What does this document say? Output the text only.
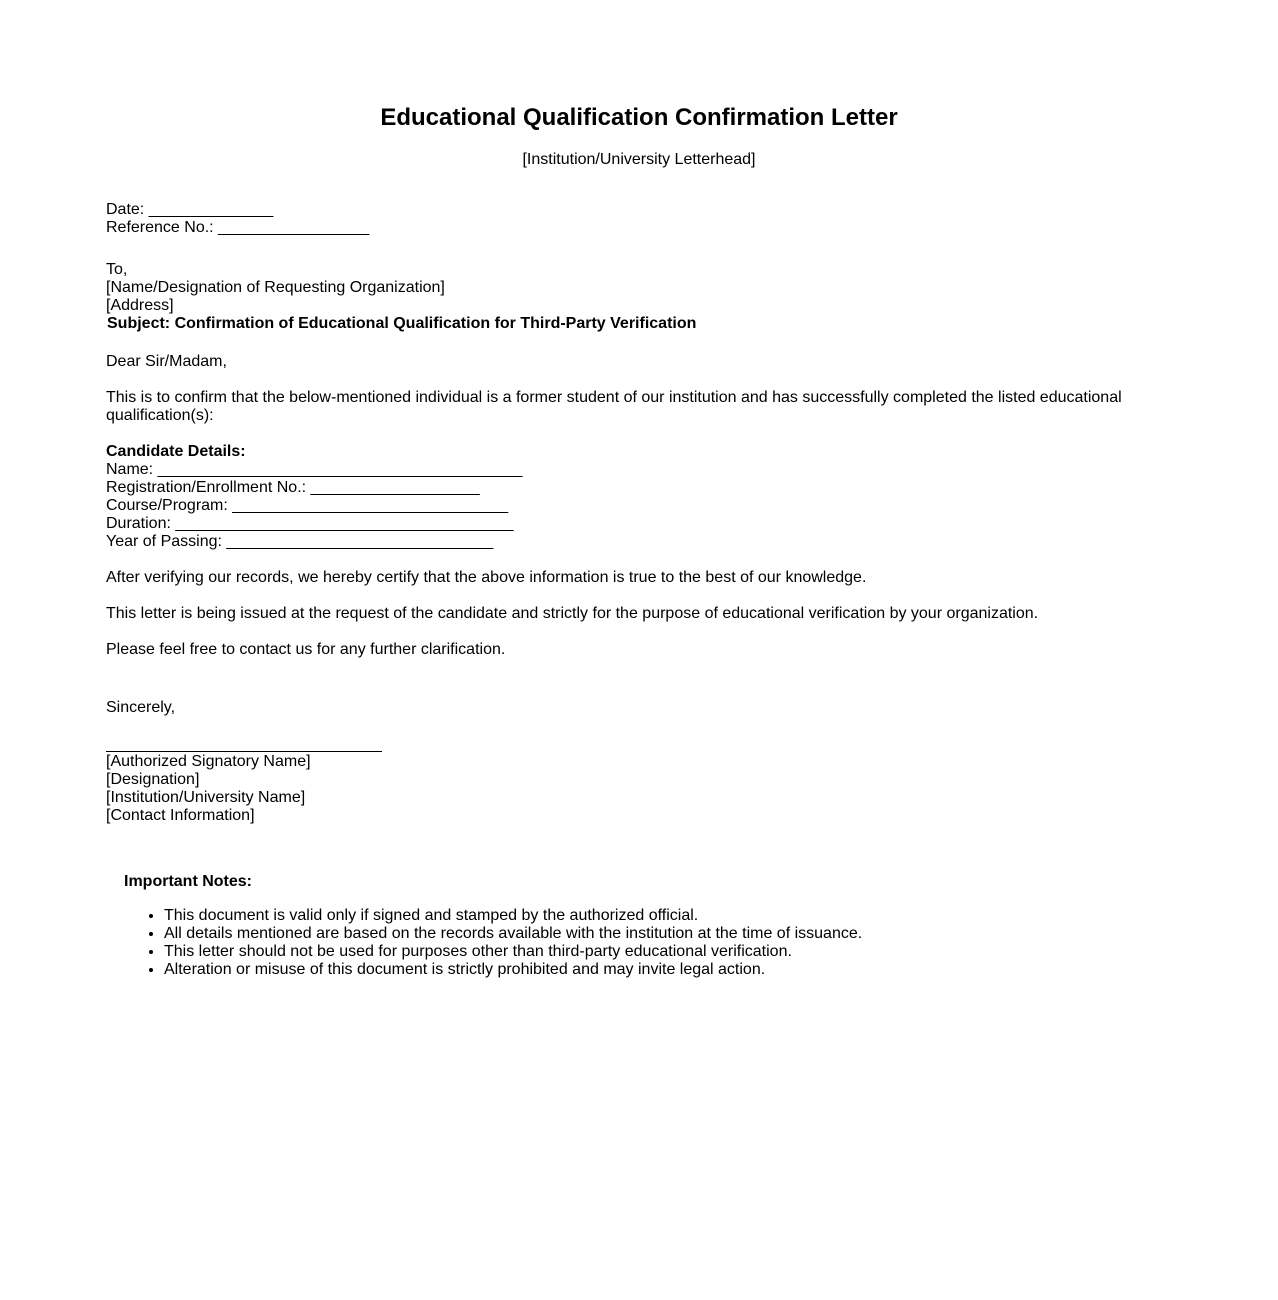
Educational Qualification Confirmation Letter
[Institution/University Letterhead]
Date: ______________
Reference No.: _________________
To,
[Name/Designation of Requesting Organization]
[Address]
Subject: Confirmation of Educational Qualification for Third-Party Verification
Dear Sir/Madam,
This is to confirm that the below-mentioned individual is a former student of our institution and has successfully completed the listed educational qualification(s):
Candidate Details:
Name: _________________________________________
Registration/Enrollment No.: ___________________
Course/Program: _______________________________
Duration: ______________________________________
Year of Passing: ______________________________
After verifying our records, we hereby certify that the above information is true to the best of our knowledge.
This letter is being issued at the request of the candidate and strictly for the purpose of educational verification by your organization.
Please feel free to contact us for any further clarification.
Sincerely,
[Authorized Signatory Name]
[Designation]
[Institution/University Name]
[Contact Information]
Important Notes:
• This document is valid only if signed and stamped by the authorized official.
• All details mentioned are based on the records available with the institution at the time of issuance.
• This letter should not be used for purposes other than third-party educational verification.
• Alteration or misuse of this document is strictly prohibited and may invite legal action.
